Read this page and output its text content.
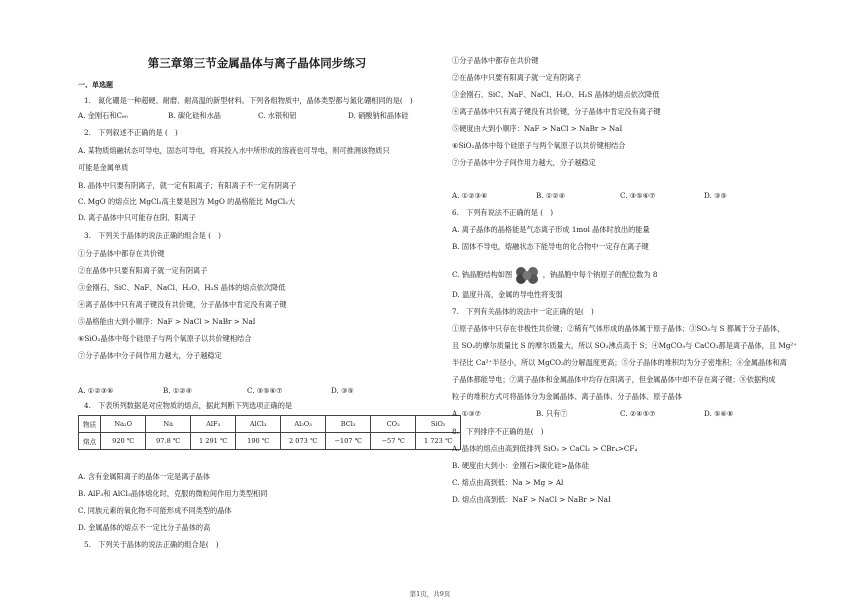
第三章第三节金属晶体与离子晶体同步练习
一、单选题
1.　氮化硼是一种超硬、耐磨、耐高温的新型材料。下列各组物质中，晶体类型都与氮化硼相同的是(　)
A. 金刚石和C₆₀	B. 碳化硅和水晶	C. 水银和铝	D. 硝酸钠和晶体硅
2.　下列叙述不正确的是 (　)
A. 某物质熔融状态可导电，固态可导电，将其投入水中所形成的溶液也可导电，则可推测该物质只
可能是金属单质
B. 晶体中只要有阴离子，就一定有阳离子；有阳离子不一定有阴离子
C. MgO 的熔点比 MgCl₂高主要是因为 MgO 的晶格能比 MgCl₂大
D. 离子晶体中只可能存在阴、阳离子
3.　下列关于晶体的说法正确的组合是 (　)
①分子晶体中都存在共价键
②在晶体中只要有阳离子就一定有阴离子
③金刚石、SiC、NaF、NaCl、H₂O、H₂S 晶体的熔点依次降低
④离子晶体中只有离子键没有共价键，分子晶体中肯定没有离子键
⑤晶格能由大到小顺序：NaF > NaCl > NaBr > NaI
⑥SiO₂晶体中每个硅原子与两个氧原子以共价键相结合
⑦分子晶体中分子间作用力越大，分子越稳定
A. ①②③⑥	B. ①②④	C. ③⑤⑥⑦	D. ③⑤
4.　下表所列数据是对应物质的熔点，据此判断下列选项正确的是
物质	Na₂O	Na	AlF₃	AlCl₃	Al₂O₃	BCl₃	CO₂	SiO₂
熔点	920 ℃	97.8 ℃	1 291 ℃	190 ℃	2 073 ℃	−107 ℃	−57 ℃	1 723 ℃
A. 含有金属阳离子的晶体一定是离子晶体
B. AlF₃和 AlCl₃晶体熔化时，克服的微粒间作用力类型相同
C. 同族元素的氧化物不可能形成不同类型的晶体
D. 金属晶体的熔点不一定比分子晶体的高
5.　下列关于晶体的说法正确的组合是(　)
①分子晶体中都存在共价键
②在晶体中只要有阳离子就一定有阴离子
③金刚石、SiC、NaF、NaCl、H₂O、H₂S 晶体的熔点依次降低
④离子晶体中只有离子键没有共价键，分子晶体中肯定没有离子键
⑤硬度由大到小顺序：NaF > NaCl > NaBr > NaI
⑥SiO₂晶体中每个硅原子与两个氧原子以共价键相结合
⑦分子晶体中分子间作用力越大，分子越稳定
A. ①②③⑥	B. ①②④	C. ③⑤⑥⑦	D. ③⑤
6.　下列有说法不正确的是 (　)
A. 离子晶体的晶格能是气态离子形成 1mol 晶体时放出的能量
B. 固体不导电，熔融状态下能导电的化合物中一定存在离子键
C. 钠晶胞结构如图	，钠晶胞中每个钠原子的配位数为 8
D. 温度升高，金属的导电性将变弱
7.　下列有关晶体的说法中一定正确的是(　)
①原子晶体中只存在非极性共价键；②稀有气体形成的晶体属于原子晶体；③SO₂与 S 都属于分子晶体，
且 SO₂的摩尔质量比 S 的摩尔质量大，所以 SO₂沸点高于 S；④MgCO₃与 CaCO₃都是离子晶体，且 Mg²⁺
半径比 Ca²⁺半径小，所以 MgCO₃的分解温度更高；⑤分子晶体的堆积均为分子密堆积；⑥金属晶体和离
子晶体都能导电；⑦离子晶体和金属晶体中均存在阳离子，但金属晶体中却不存在离子键；⑧依据构成
粒子的堆积方式可将晶体分为金属晶体、离子晶体、分子晶体、原子晶体
A. ①③⑦	B. 只有⑦	C. ②④⑤⑦	D. ⑤⑥⑧
8.　下列排序不正确的是(　)
A. 晶体的熔点由高到低排列 SiO₂ > CaCl₂ > CBr₄>CF₄
B. 硬度由大到小：金刚石>碳化硅>晶体硅
C. 熔点由高到低：Na > Mg > Al
D. 熔点由高到低：NaF > NaCl > NaBr > NaI
第1页，共9页
